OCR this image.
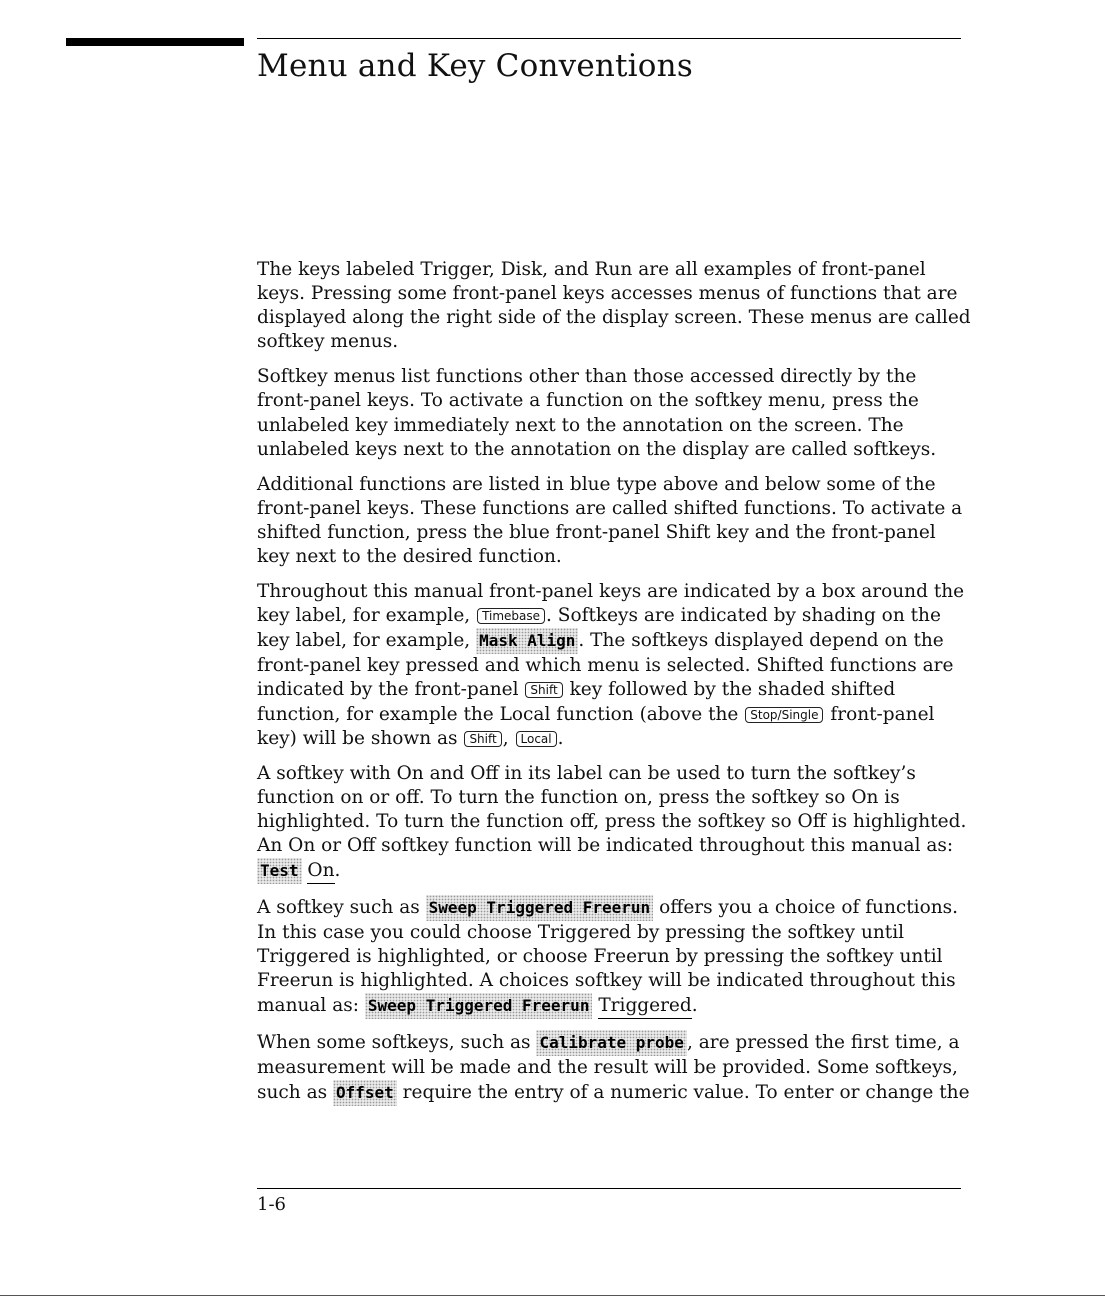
Menu and Key Conventions

The keys labeled Trigger, Disk, and Run are all examples of front-panel keys. Pressing some front-panel keys accesses menus of functions that are displayed along the right side of the display screen. These menus are called softkey menus.

Softkey menus list functions other than those accessed directly by the front-panel keys. To activate a function on the softkey menu, press the unlabeled key immediately next to the annotation on the screen. The unlabeled keys next to the annotation on the display are called softkeys.

Additional functions are listed in blue type above and below some of the front-panel keys. These functions are called shifted functions. To activate a shifted function, press the blue front-panel Shift key and the front-panel key next to the desired function.

Throughout this manual front-panel keys are indicated by a box around the key label, for example, Timebase . Softkeys are indicated by shading on the key label, for example, Mask Align . The softkeys displayed depend on the front-panel key pressed and which menu is selected. Shifted functions are indicated by the front-panel Shift key followed by the shaded shifted function, for example the Local function (above the Stop/Single front-panel key) will be shown as Shift , Local .

A softkey with On and Off in its label can be used to turn the softkey’s function on or off. To turn the function on, press the softkey so On is highlighted. To turn the function off, press the softkey so Off is highlighted. An On or Off softkey function will be indicated throughout this manual as:
Test On.

A softkey such as Sweep Triggered Freerun offers you a choice of functions. In this case you could choose Triggered by pressing the softkey until Triggered is highlighted, or choose Freerun by pressing the softkey until Freerun is highlighted. A choices softkey will be indicated throughout this manual as: Sweep Triggered Freerun Triggered.

When some softkeys, such as Calibrate probe , are pressed the first time, a measurement will be made and the result will be provided. Some softkeys, such as Offset require the entry of a numeric value. To enter or change the

1-6
